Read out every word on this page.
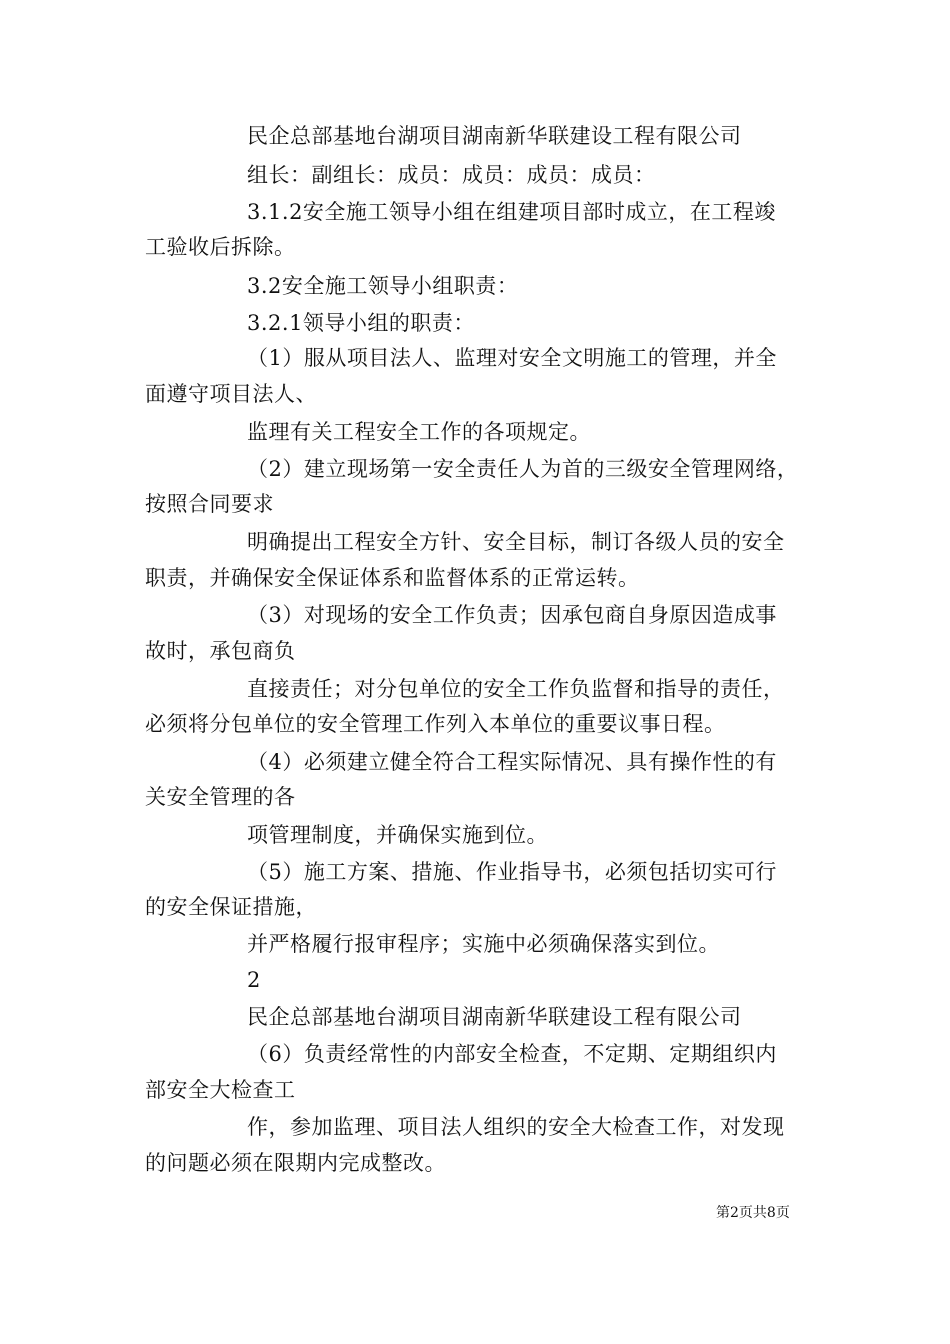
民企总部基地台湖项目湖南新华联建设工程有限公司
组长：副组长：成员：成员：成员：成员：
3.1.2安全施工领导小组在组建项目部时成立，在工程竣
工验收后拆除。
3.2安全施工领导小组职责：
3.2.1领导小组的职责：
（1）服从项目法人、监理对安全文明施工的管理，并全
面遵守项目法人、
监理有关工程安全工作的各项规定。
（2）建立现场第一安全责任人为首的三级安全管理网络，
按照合同要求
明确提出工程安全方针、安全目标，制订各级人员的安全
职责，并确保安全保证体系和监督体系的正常运转。
（3）对现场的安全工作负责；因承包商自身原因造成事
故时，承包商负
直接责任；对分包单位的安全工作负监督和指导的责任，
必须将分包单位的安全管理工作列入本单位的重要议事日程。
（4）必须建立健全符合工程实际情况、具有操作性的有
关安全管理的各
项管理制度，并确保实施到位。
（5）施工方案、措施、作业指导书，必须包括切实可行
的安全保证措施，
并严格履行报审程序；实施中必须确保落实到位。
2
民企总部基地台湖项目湖南新华联建设工程有限公司
（6）负责经常性的内部安全检查，不定期、定期组织内
部安全大检查工
作，参加监理、项目法人组织的安全大检查工作，对发现
的问题必须在限期内完成整改。
第2页共8页
